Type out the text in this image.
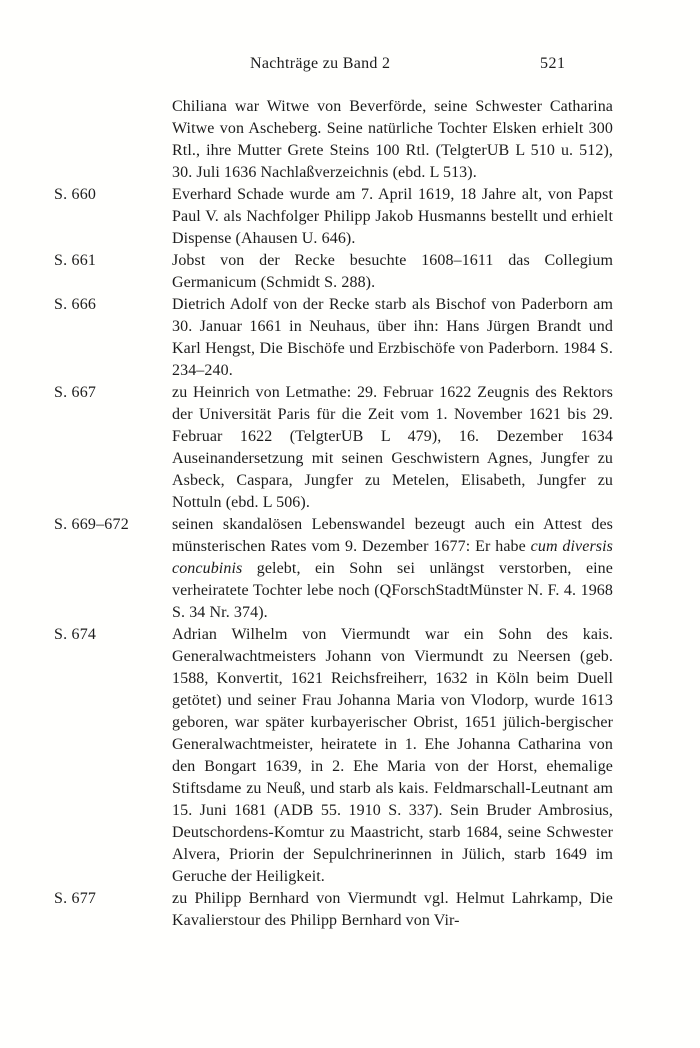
Nachträge zu Band 2	521
Chiliana war Witwe von Beverförde, seine Schwester Catharina Witwe von Ascheberg. Seine natürliche Tochter Elsken erhielt 300 Rtl., ihre Mutter Grete Steins 100 Rtl. (TelgterUB L 510 u. 512), 30. Juli 1636 Nachlaßverzeichnis (ebd. L 513).
S. 660	Everhard Schade wurde am 7. April 1619, 18 Jahre alt, von Papst Paul V. als Nachfolger Philipp Jakob Husmanns bestellt und erhielt Dispense (Ahausen U. 646).
S. 661	Jobst von der Recke besuchte 1608–1611 das Collegium Germanicum (Schmidt S. 288).
S. 666	Dietrich Adolf von der Recke starb als Bischof von Paderborn am 30. Januar 1661 in Neuhaus, über ihn: Hans Jürgen Brandt und Karl Hengst, Die Bischöfe und Erzbischöfe von Paderborn. 1984 S. 234–240.
S. 667	zu Heinrich von Letmathe: 29. Februar 1622 Zeugnis des Rektors der Universität Paris für die Zeit vom 1. November 1621 bis 29. Februar 1622 (TelgterUB L 479), 16. Dezember 1634 Auseinandersetzung mit seinen Geschwistern Agnes, Jungfer zu Asbeck, Caspara, Jungfer zu Metelen, Elisabeth, Jungfer zu Nottuln (ebd. L 506).
S. 669–672	seinen skandalösen Lebenswandel bezeugt auch ein Attest des münsterischen Rates vom 9. Dezember 1677: Er habe cum diversis concubinis gelebt, ein Sohn sei unlängst verstorben, eine verheiratete Tochter lebe noch (QForschStadtMünster N. F. 4. 1968 S. 34 Nr. 374).
S. 674	Adrian Wilhelm von Viermundt war ein Sohn des kais. Generalwachtmeisters Johann von Viermundt zu Neersen (geb. 1588, Konvertit, 1621 Reichsfreiherr, 1632 in Köln beim Duell getötet) und seiner Frau Johanna Maria von Vlodorp, wurde 1613 geboren, war später kurbayerischer Obrist, 1651 jülich-bergischer Generalwachtmeister, heiratete in 1. Ehe Johanna Catharina von den Bongart 1639, in 2. Ehe Maria von der Horst, ehemalige Stiftsdame zu Neuß, und starb als kais. Feldmarschall-Leutnant am 15. Juni 1681 (ADB 55. 1910 S. 337). Sein Bruder Ambrosius, Deutschordens-Komtur zu Maastricht, starb 1684, seine Schwester Alvera, Priorin der Sepulchrinerinnen in Jülich, starb 1649 im Geruche der Heiligkeit.
S. 677	zu Philipp Bernhard von Viermundt vgl. Helmut Lahrkamp, Die Kavalierstour des Philipp Bernhard von Vir-
